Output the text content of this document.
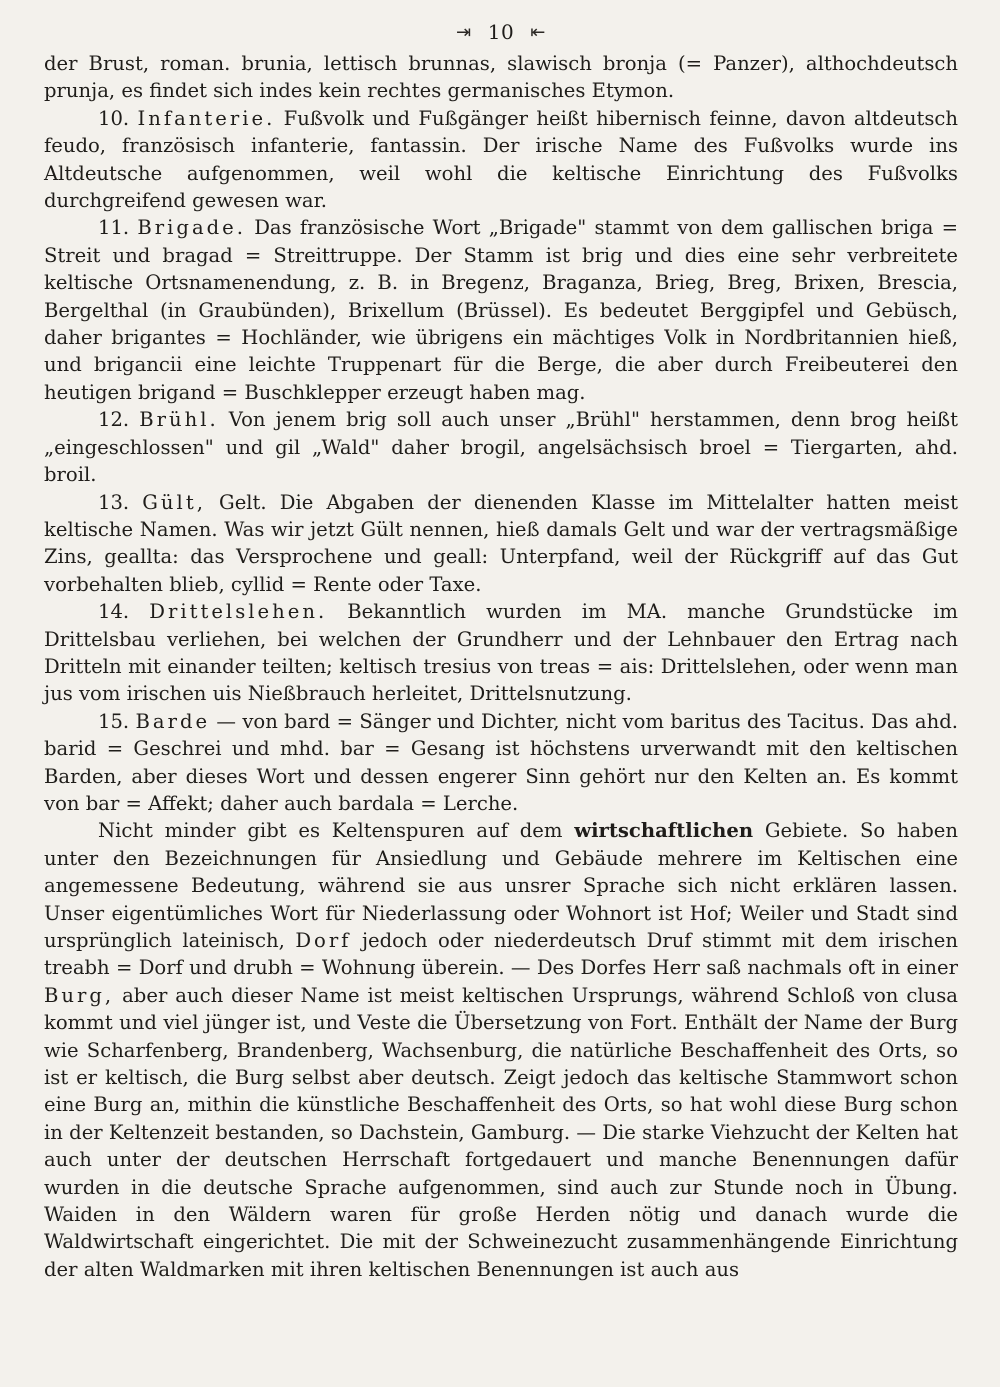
⇥ 10 ⇤

der Brust, roman. brunia, lettisch brunnas, slawisch bronja (= Panzer), althochdeutsch prunja, es findet sich indes kein rechtes germanisches Etymon.

10. Infanterie. Fußvolk und Fußgänger heißt hibernisch feinne, davon altdeutsch feudo, französisch infanterie, fantassin. Der irische Name des Fußvolks wurde ins Altdeutsche aufgenommen, weil wohl die keltische Einrichtung des Fußvolks durchgreifend gewesen war.

11. Brigade. Das französische Wort „Brigade" stammt von dem gallischen briga = Streit und bragad = Streittruppe. Der Stamm ist brig und dies eine sehr verbreitete keltische Ortsnamenendung, z. B. in Bregenz, Braganza, Brieg, Breg, Brixen, Brescia, Bergelthal (in Graubünden), Brixellum (Brüssel). Es bedeutet Berggipfel und Gebüsch, daher brigantes = Hochländer, wie übrigens ein mächtiges Volk in Nordbritannien hieß, und brigancii eine leichte Truppenart für die Berge, die aber durch Freibeuterei den heutigen brigand = Buschklepper erzeugt haben mag.

12. Brühl. Von jenem brig soll auch unser „Brühl" herstammen, denn brog heißt „eingeschlossen" und gil „Wald" daher brogil, angelsächsisch broel = Tiergarten, ahd. broil.

13. Gült, Gelt. Die Abgaben der dienenden Klasse im Mittelalter hatten meist keltische Namen. Was wir jetzt Gült nennen, hieß damals Gelt und war der vertragsmäßige Zins, geallta: das Versprochene und geall: Unterpfand, weil der Rückgriff auf das Gut vorbehalten blieb, cyllid = Rente oder Taxe.

14. Drittelslehen. Bekanntlich wurden im MA. manche Grundstücke im Drittelsbau verliehen, bei welchen der Grundherr und der Lehnbauer den Ertrag nach Dritteln mit einander teilten; keltisch tresius von treas = ais: Drittelslehen, oder wenn man jus vom irischen uis Nießbrauch herleitet, Drittelsnutzung.

15. Barde — von bard = Sänger und Dichter, nicht vom baritus des Tacitus. Das ahd. barid = Geschrei und mhd. bar = Gesang ist höchstens urverwandt mit den keltischen Barden, aber dieses Wort und dessen engerer Sinn gehört nur den Kelten an. Es kommt von bar = Affekt; daher auch bardala = Lerche.

Nicht minder gibt es Keltenspuren auf dem wirtschaftlichen Gebiete. So haben unter den Bezeichnungen für Ansiedlung und Gebäude mehrere im Keltischen eine angemessene Bedeutung, während sie aus unsrer Sprache sich nicht erklären lassen. Unser eigentümliches Wort für Niederlassung oder Wohnort ist Hof; Weiler und Stadt sind ursprünglich lateinisch, Dorf jedoch oder niederdeutsch Druf stimmt mit dem irischen treabh = Dorf und drubh = Wohnung überein. — Des Dorfes Herr saß nachmals oft in einer Burg, aber auch dieser Name ist meist keltischen Ursprungs, während Schloß von clusa kommt und viel jünger ist, und Veste die Übersetzung von Fort. Enthält der Name der Burg wie Scharfenberg, Brandenberg, Wachsenburg, die natürliche Beschaffenheit des Orts, so ist er keltisch, die Burg selbst aber deutsch. Zeigt jedoch das keltische Stammwort schon eine Burg an, mithin die künstliche Beschaffenheit des Orts, so hat wohl diese Burg schon in der Keltenzeit bestanden, so Dachstein, Gamburg. — Die starke Viehzucht der Kelten hat auch unter der deutschen Herrschaft fortgedauert und manche Benennungen dafür wurden in die deutsche Sprache aufgenommen, sind auch zur Stunde noch in Übung. Waiden in den Wäldern waren für große Herden nötig und danach wurde die Waldwirtschaft eingerichtet. Die mit der Schweinezucht zusammenhängende Einrichtung der alten Waldmarken mit ihren keltischen Benennungen ist auch aus
